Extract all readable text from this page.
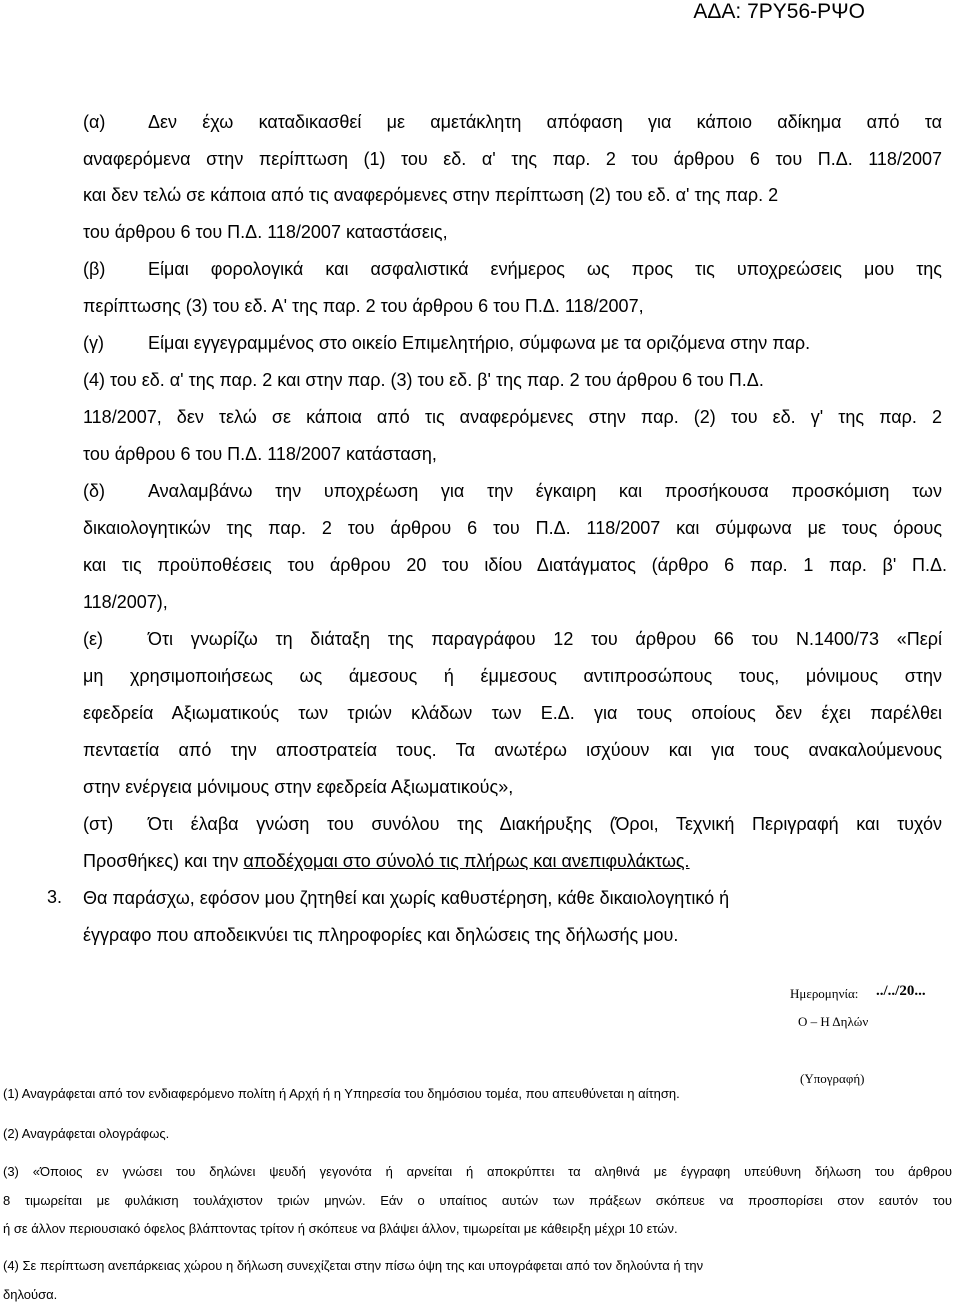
ΑΔΑ: 7ΡΥ56-ΡΨΟ
(α) Δεν έχω καταδικασθεί με αμετάκλητη απόφαση για κάποιο αδίκημα από τα
αναφερόμενα στην περίπτωση (1) του εδ. α' της παρ. 2 του άρθρου 6 του Π.Δ. 118/2007
και δεν τελώ σε κάποια από τις αναφερόμενες στην περίπτωση (2) του εδ. α' της παρ. 2
του άρθρου 6 του Π.Δ. 118/2007 καταστάσεις,
(β) Είμαι φορολογικά και ασφαλιστικά ενήμερος ως προς τις υποχρεώσεις μου της
περίπτωσης (3) του εδ. Α' της παρ. 2 του άρθρου 6 του Π.Δ. 118/2007,
(γ) Είμαι εγγεγραμμένος στο οικείο Επιμελητήριο, σύμφωνα με τα οριζόμενα στην παρ.
(4) του εδ. α' της παρ. 2 και στην παρ. (3) του εδ. β' της παρ. 2 του άρθρου 6 του Π.Δ.
118/2007, δεν τελώ σε κάποια από τις αναφερόμενες στην παρ. (2) του εδ. γ' της παρ. 2
του άρθρου 6 του Π.Δ. 118/2007 κατάσταση,
(δ) Αναλαμβάνω την υποχρέωση για την έγκαιρη και προσήκουσα προσκόμιση των
δικαιολογητικών της παρ. 2 του άρθρου 6 του Π.Δ. 118/2007 και σύμφωνα με τους όρους
και τις προϋποθέσεις του άρθρου 20 του ιδίου Διατάγματος (άρθρο 6 παρ. 1 παρ. β' Π.Δ.
118/2007),
(ε) Ότι γνωρίζω τη διάταξη της παραγράφου 12 του άρθρου 66 του Ν.1400/73 «Περί
μη χρησιμοποιήσεως ως άμεσους ή έμμεσους αντιπροσώπους τους, μόνιμους στην
εφεδρεία Αξιωματικούς των τριών κλάδων των Ε.Δ. για τους οποίους δεν έχει παρέλθει
πενταετία από την αποστρατεία τους. Τα ανωτέρω ισχύουν και για τους ανακαλούμενους
στην ενέργεια μόνιμους στην εφεδρεία Αξιωματικούς»,
(στ) Ότι έλαβα γνώση του συνόλου της Διακήρυξης (Όροι, Τεχνική Περιγραφή και τυχόν
Προσθήκες) και την αποδέχομαι στο σύνολό τις πλήρως και ανεπιφυλάκτως.
3. Θα παράσχω, εφόσον μου ζητηθεί και χωρίς καθυστέρηση, κάθε δικαιολογητικό ή
έγγραφο που αποδεικνύει τις πληροφορίες και δηλώσεις της δήλωσής μου.
Ημερομηνία: ../../20...
Ο – Η Δηλών
(Υπογραφή)
(1) Αναγράφεται από τον ενδιαφερόμενο πολίτη ή Αρχή ή η Υπηρεσία του δημόσιου τομέα, που απευθύνεται η αίτηση.
(2) Αναγράφεται ολογράφως.
(3) «Όποιος εν γνώσει του δηλώνει ψευδή γεγονότα ή αρνείται ή αποκρύπτει τα αληθινά με έγγραφη υπεύθυνη δήλωση του άρθρου
8 τιμωρείται με φυλάκιση τουλάχιστον τριών μηνών. Εάν ο υπαίτιος αυτών των πράξεων σκόπευε να προσπορίσει στον εαυτόν του
ή σε άλλον περιουσιακό όφελος βλάπτοντας τρίτον ή σκόπευε να βλάψει άλλον, τιμωρείται με κάθειρξη μέχρι 10 ετών.
(4) Σε περίπτωση ανεπάρκειας χώρου η δήλωση συνεχίζεται στην πίσω όψη της και υπογράφεται από τον δηλούντα ή την
δηλούσα.
